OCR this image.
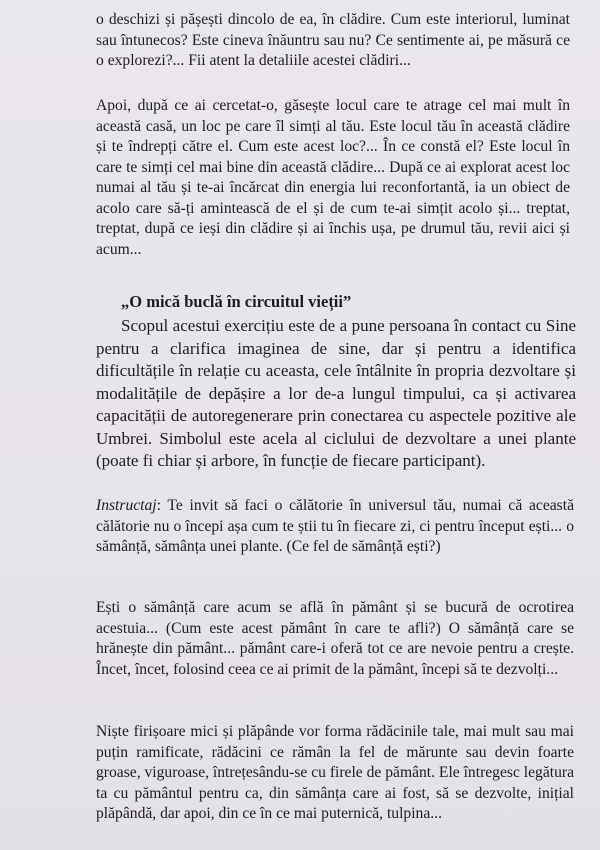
o deschizi și pășești dincolo de ea, în clădire. Cum este interiorul, luminat sau întunecos? Este cineva înăuntru sau nu? Ce sentimente ai, pe măsură ce o explorezi?... Fii atent la detaliile acestei clădiri...

Apoi, după ce ai cercetat-o, găsește locul care te atrage cel mai mult în această casă, un loc pe care îl simți al tău. Este locul tău în această clădire și te îndrepți către el. Cum este acest loc?... În ce constă el? Este locul în care te simți cel mai bine din această clădire... După ce ai explorat acest loc numai al tău și te-ai încărcat din energia lui reconfortantă, ia un obiect de acolo care să-ți amintească de el și de cum te-ai simțit acolo și... treptat, treptat, după ce ieși din clădire și ai închis ușa, pe drumul tău, revii aici și acum...

„O mică buclă în circuitul vieții”

Scopul acestui exercițiu este de a pune persoana în contact cu Sine pentru a clarifica imaginea de sine, dar și pentru a identifica dificultățile în relație cu aceasta, cele întâlnite în propria dezvoltare și modalitățile de depășire a lor de-a lungul timpului, ca și activarea capacității de autoregenerare prin conectarea cu aspectele pozitive ale Umbrei. Simbolul este acela al ciclului de dezvoltare a unei plante (poate fi chiar și arbore, în funcție de fiecare participant).

Instructaj: Te invit să faci o călătorie în universul tău, numai că această călătorie nu o începi așa cum te știi tu în fiecare zi, ci pentru început ești... o sămânță, sămânța unei plante. (Ce fel de sămânță ești?)

Ești o sămânță care acum se află în pământ și se bucură de ocrotirea acestuia... (Cum este acest pământ în care te afli?) O sămânță care se hrănește din pământ... pământ care-i oferă tot ce are nevoie pentru a crește. Încet, încet, folosind ceea ce ai primit de la pământ, începi să te dezvolți...

Niște firișoare mici și plăpânde vor forma rădăcinile tale, mai mult sau mai puțin ramificate, rădăcini ce rămân la fel de mărunte sau devin foarte groase, viguroase, întrețesându-se cu firele de pământ. Ele întregesc legătura ta cu pământul pentru ca, din sămânța care ai fost, să se dezvolte, inițial plăpândă, dar apoi, din ce în ce mai puternică, tulpina...
